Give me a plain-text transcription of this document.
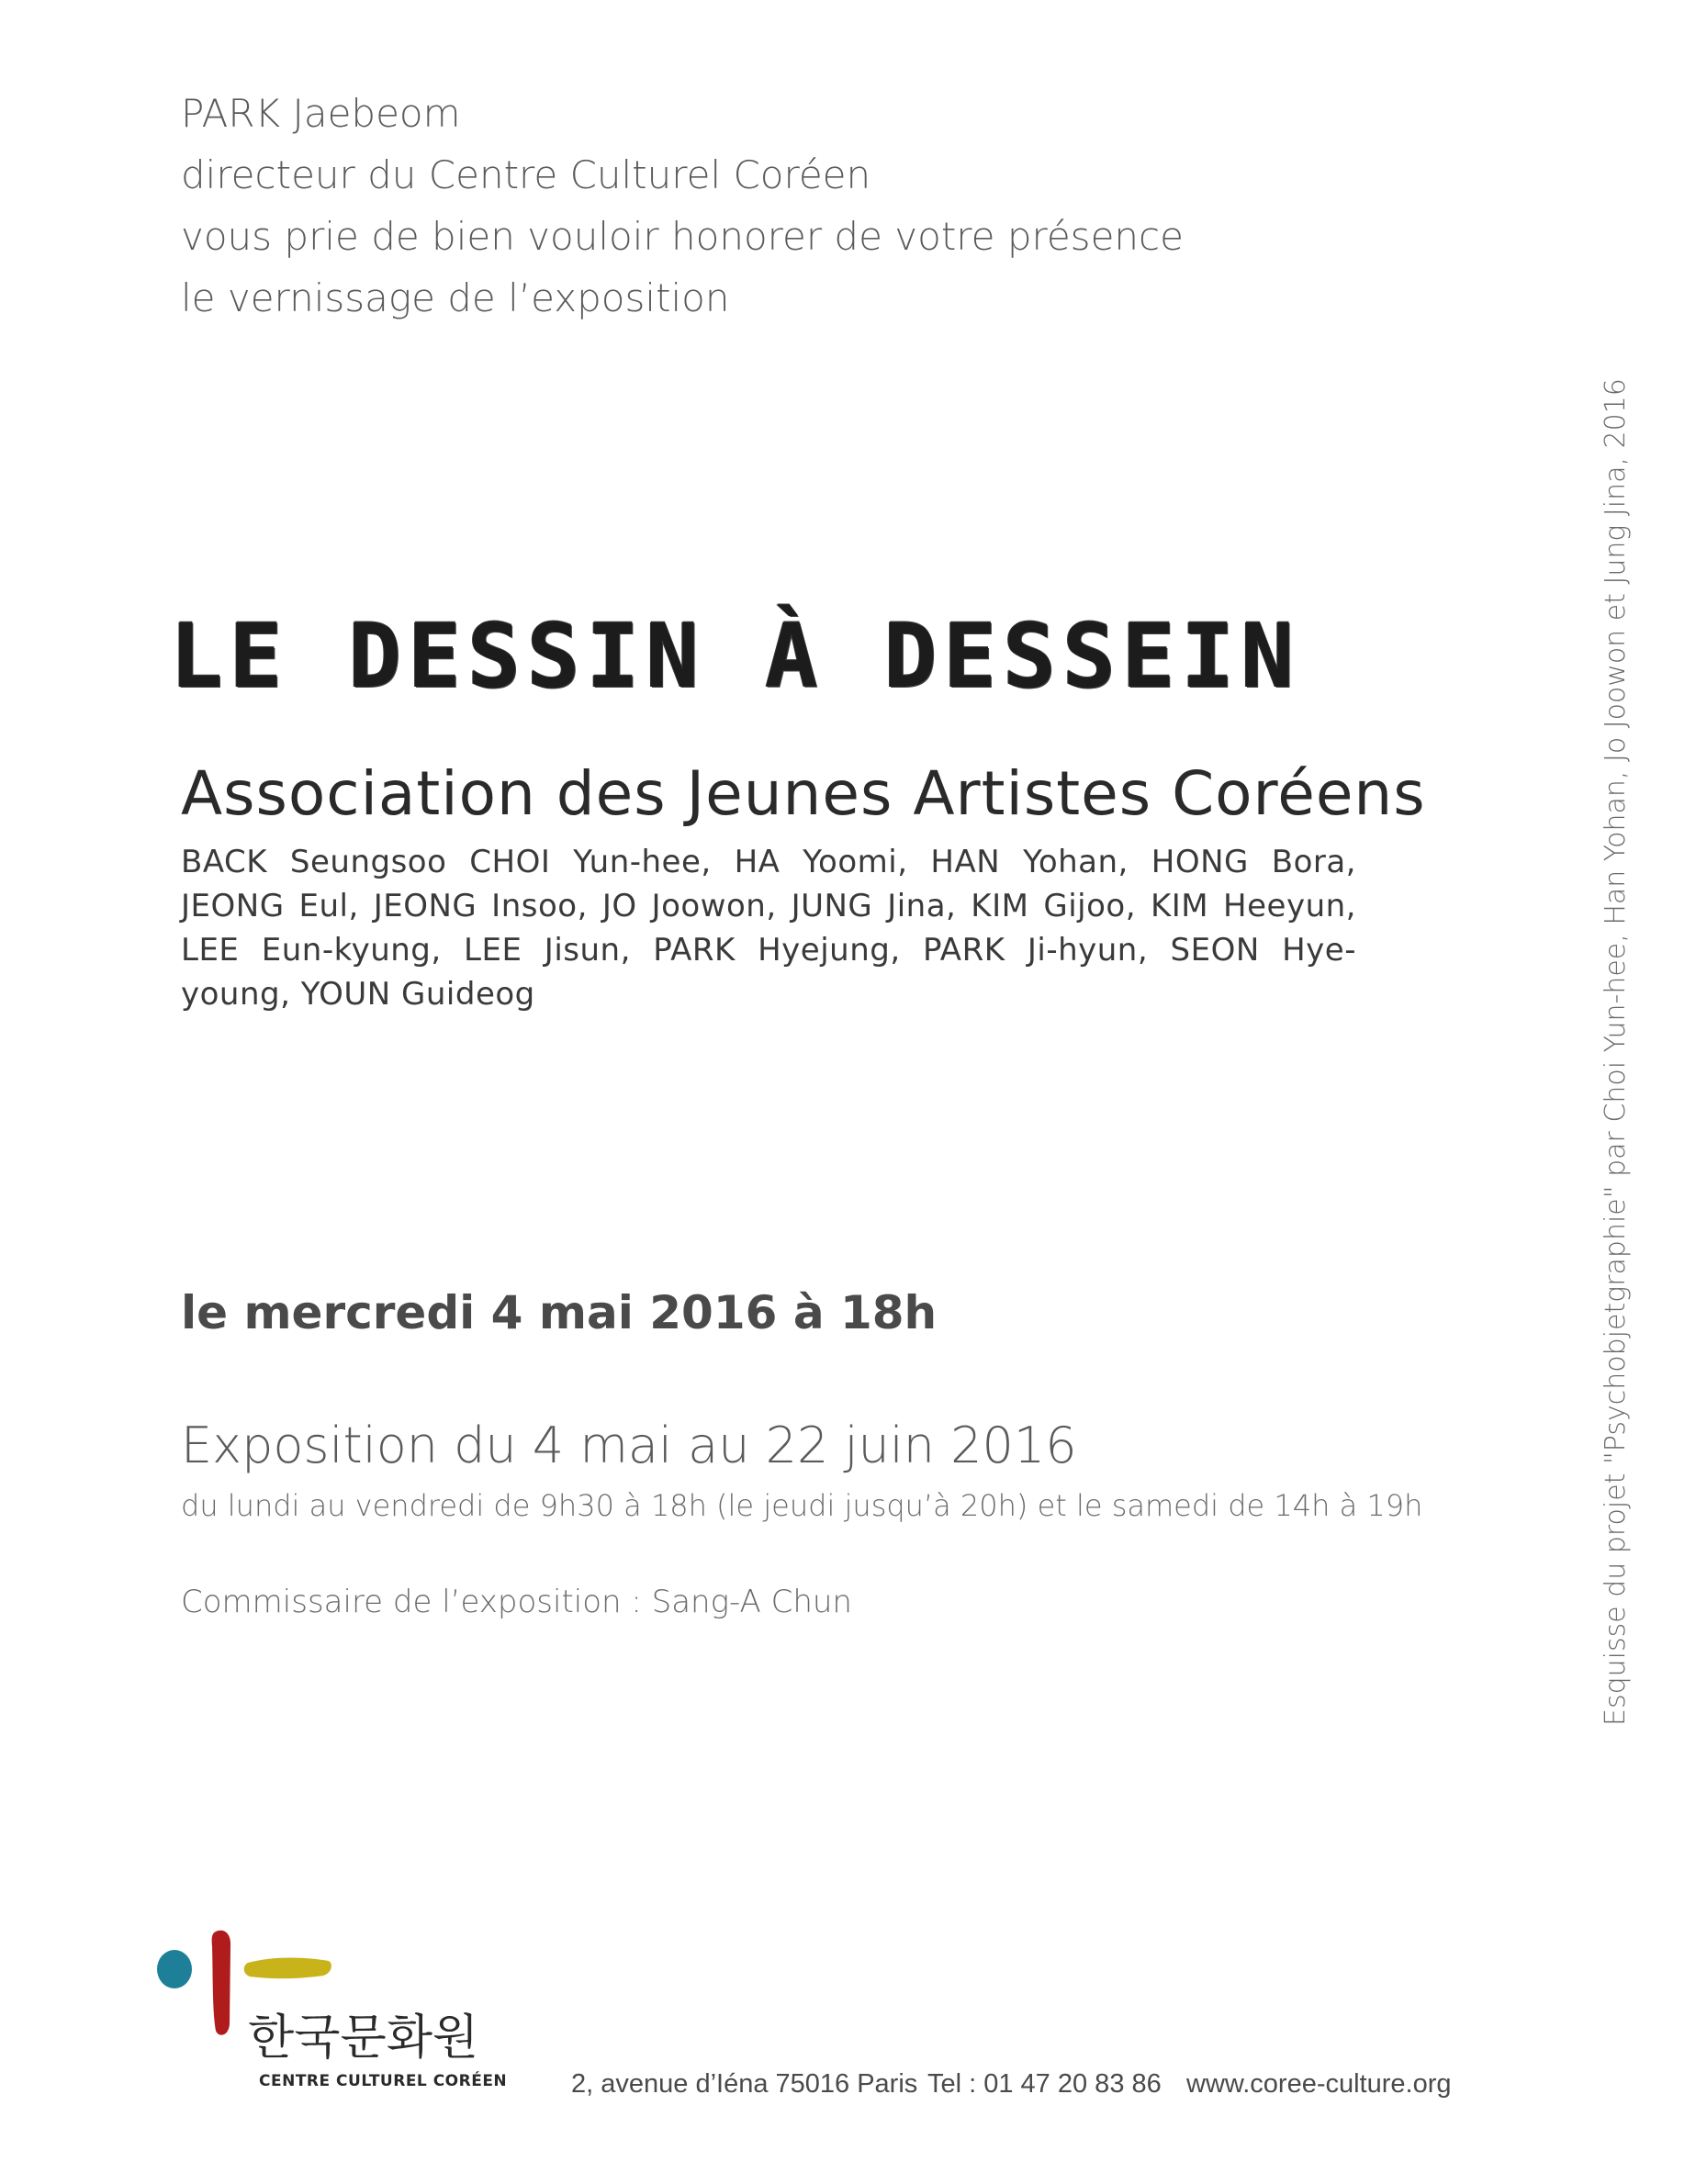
PARK Jaebeom
directeur du Centre Culturel Coréen
vous prie de bien vouloir honorer de votre présence
le vernissage de l’exposition
LE DESSIN À DESSEIN
Association des Jeunes Artistes Coréens
BACK Seungsoo CHOI Yun-hee, HA Yoomi, HAN Yohan, HONG Bora, JEONG Eul, JEONG Insoo, JO Joowon, JUNG Jina, KIM Gijoo, KIM Heeyun, LEE Eun-kyung, LEE Jisun, PARK Hyejung, PARK Ji-hyun, SEON Hye-young, YOUN Guideog
le mercredi 4 mai 2016 à 18h
Exposition du 4 mai au 22 juin 2016
du lundi au vendredi de 9h30 à 18h (le jeudi jusqu’à 20h) et le samedi de 14h à 19h
Commissaire de l’exposition : Sang-A Chun	Esquisse du projet "Psychobjetgraphie" par Choi Yun-hee, Han Yohan, Jo Joowon et Jung Jina, 2016
한국문화원
CENTRE CULTUREL CORÉEN 2, avenue d’Iéna 75016 Paris Tel : 01 47 20 83 86 www.coree-culture.org
